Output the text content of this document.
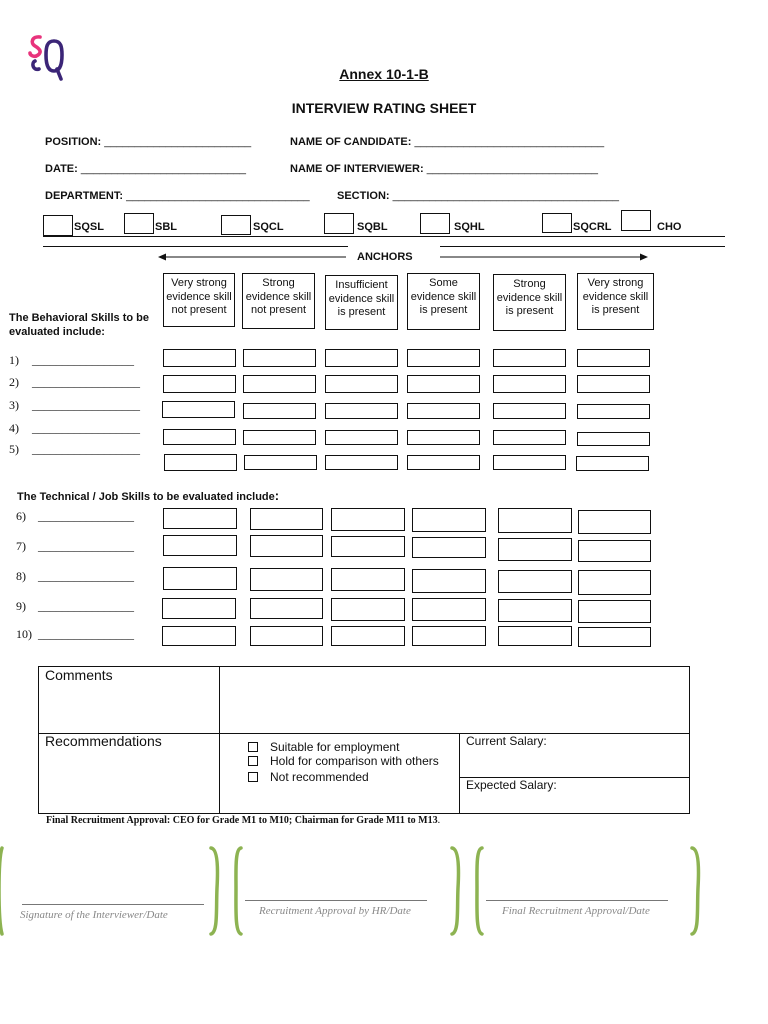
Annex 10-1-B
INTERVIEW RATING SHEET
POSITION: ________________________	NAME OF CANDIDATE: _______________________________
DATE: ___________________________	NAME OF INTERVIEWER: ____________________________
DEPARTMENT: ______________________________ SECTION: _____________________________________
SQSL	SBL	SQCL	SQBL	SQHL	SQCRL	CHO
ANCHORS
Very strong evidence skill not present
Strong evidence skill not present
Insufficient evidence skill is present
Some evidence skill is present
Strong evidence skill is present
Very strong evidence skill is present
The Behavioral Skills to be
evaluated include:
1) _________________
2) __________________
3) __________________
4) __________________
5) __________________
The Technical / Job Skills to be evaluated include:
6) ________________
7) ________________
8) ________________
9) ________________
10) ________________
Comments
Recommendations	Suitable for employment
Hold for comparison with others
Not recommended
Current Salary:
Expected Salary:
Final Recruitment Approval: CEO for Grade M1 to M10; Chairman for Grade M11 to M13.
Signature of the Interviewer/Date	Recruitment Approval by HR/Date	Final Recruitment Approval/Date
